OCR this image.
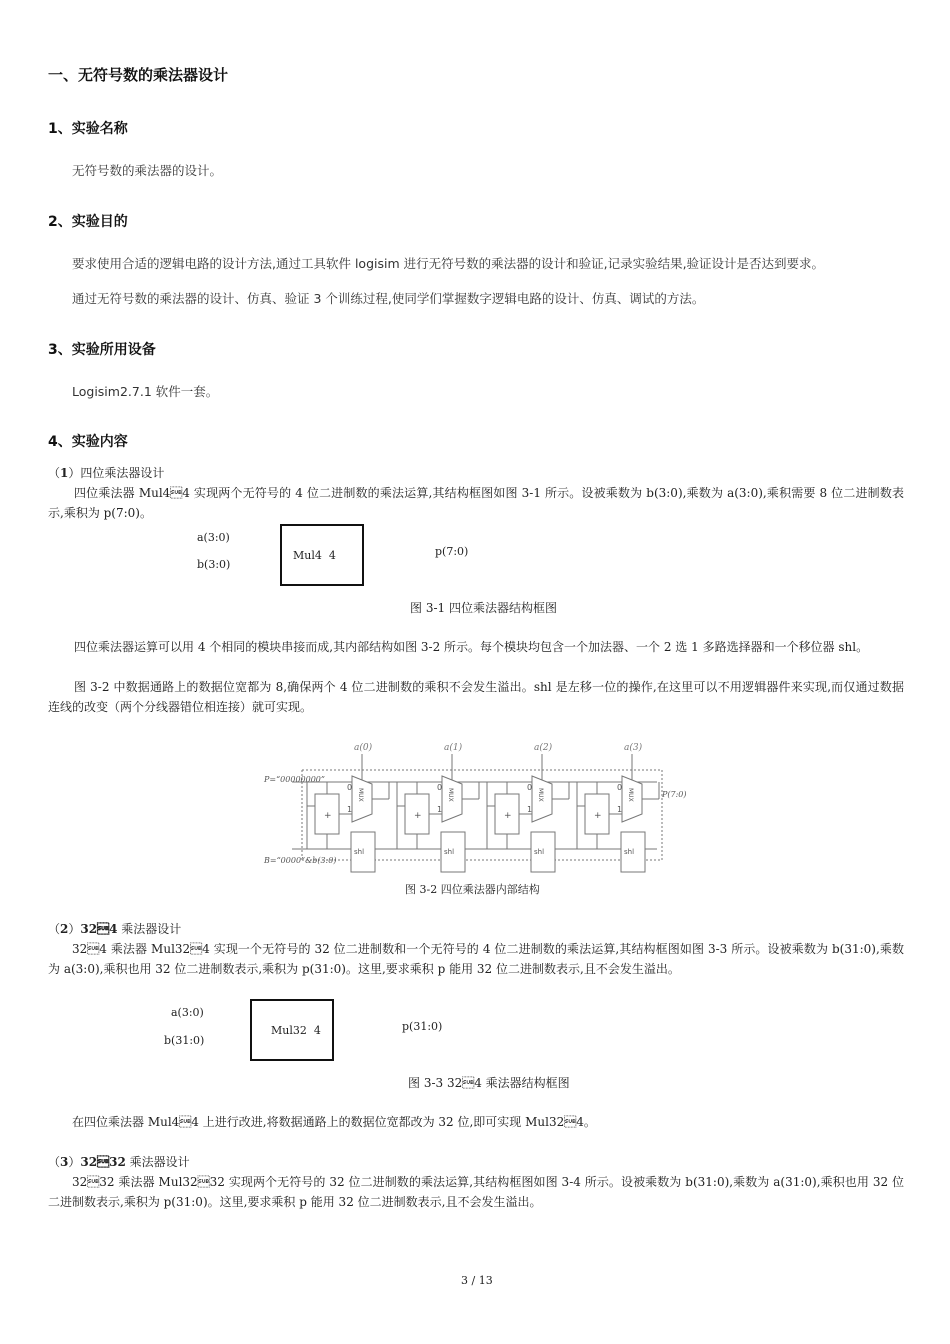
一、无符号数的乘法器设计
1、实验名称
无符号数的乘法器的设计。
2、实验目的
要求使用合适的逻辑电路的设计方法,通过工具软件 logisim 进行无符号数的乘法器的设计和验证,记录实验结果,验证设计是否达到要求。
通过无符号数的乘法器的设计、仿真、验证 3 个训练过程,使同学们掌握数字逻辑电路的设计、仿真、调试的方法。
3、实验所用设备
Logisim2.7.1 软件一套。
4、实验内容
（1）四位乘法器设计
四位乘法器 Mul44 实现两个无符号的 4 位二进制数的乘法运算,其结构框图如图 3-1 所示。设被乘数为 b(3:0),乘数为 a(3:0),乘积需要 8 位二进制数表示,乘积为 p(7:0)。
a(3:0)
b(3:0)
Mul4  4	p(7:0)
图 3-1 四位乘法器结构框图
四位乘法器运算可以用 4 个相同的模块串接而成,其内部结构如图 3-2 所示。每个模块均包含一个加法器、一个 2 选 1 多路选择器和一个移位器 shl。
图 3-2 中数据通路上的数据位宽都为 8,确保两个 4 位二进制数的乘积不会发生溢出。shl 是左移一位的操作,在这里可以不用逻辑器件来实现,而仅通过数据连线的改变（两个分线器错位相连接）就可实现。
+
MUX
0
1
shl
+
MUX
0
1
shl
+
MUX
0
1
shl
+
MUX
0
1
shl
P=“00000000”
B=“0000”&b(3:0)
P(7:0)
a(0)	a(1)	a(2)	a(3)
图 3-2 四位乘法器内部结构
（2）324 乘法器设计
324 乘法器 Mul324 实现一个无符号的 32 位二进制数和一个无符号的 4 位二进制数的乘法运算,其结构框图如图 3-3 所示。设被乘数为 b(31:0),乘数为 a(3:0),乘积也用 32 位二进制数表示,乘积为 p(31:0)。这里,要求乘积 p 能用 32 位二进制数表示,且不会发生溢出。
a(3:0)
b(31:0)
Mul32  4	p(31:0)
图 3-3 324 乘法器结构框图
在四位乘法器 Mul44 上进行改进,将数据通路上的数据位宽都改为 32 位,即可实现 Mul324。
（3）3232 乘法器设计
3232 乘法器 Mul3232 实现两个无符号的 32 位二进制数的乘法运算,其结构框图如图 3-4 所示。设被乘数为 b(31:0),乘数为 a(31:0),乘积也用 32 位二进制数表示,乘积为 p(31:0)。这里,要求乘积 p 能用 32 位二进制数表示,且不会发生溢出。
3 / 13
